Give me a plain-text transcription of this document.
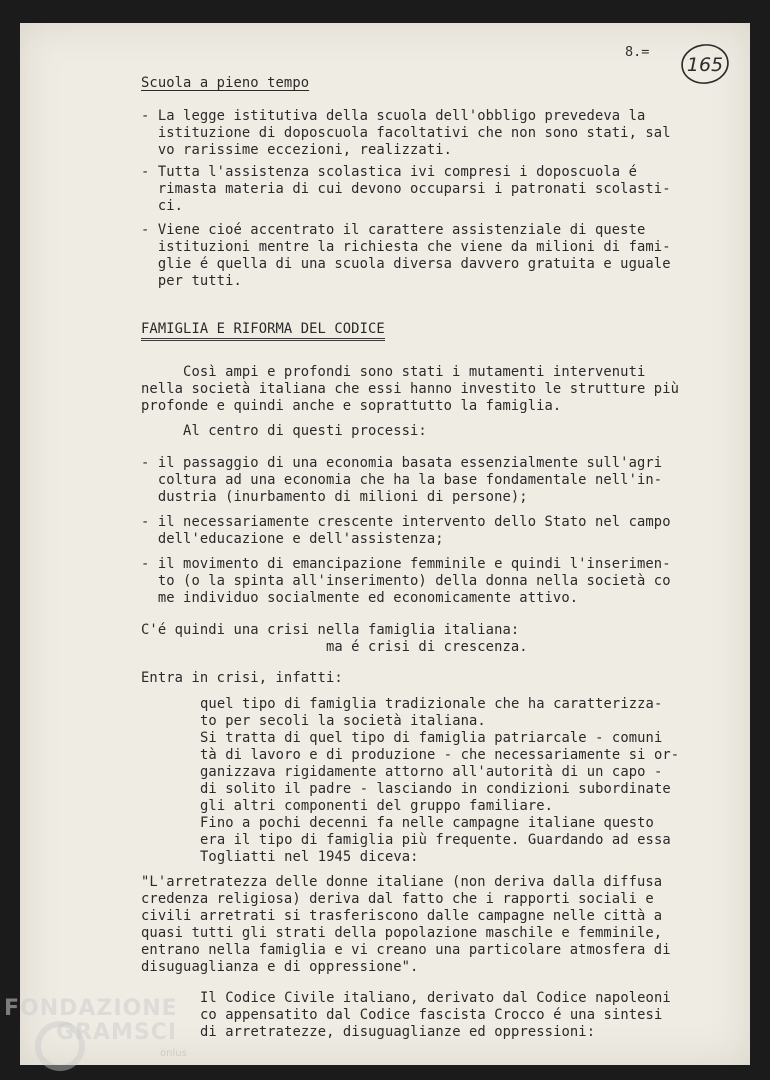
8.=
165
Scuola a pieno tempo
- La legge istitutiva della scuola dell'obbligo prevedeva la
istituzione di doposcuola facoltativi che non sono stati, sal
vo rarissime eccezioni, realizzati.
- Tutta l'assistenza scolastica ivi compresi i doposcuola é
rimasta materia di cui devono occuparsi i patronati scolasti-
ci.
- Viene cioé accentrato il carattere assistenziale di queste
istituzioni mentre la richiesta che viene da milioni di fami-
glie é quella di una scuola diversa davvero gratuita e uguale
per tutti.
FAMIGLIA E RIFORMA DEL CODICE
Così ampi e profondi sono stati i mutamenti intervenuti
nella società italiana che essi hanno investito le strutture più
profonde e quindi anche e soprattutto la famiglia.
Al centro di questi processi:
- il passaggio di una economia basata essenzialmente sull'agri
coltura ad una economia che ha la base fondamentale nell'in-
dustria (inurbamento di milioni di persone);
- il necessariamente crescente intervento dello Stato nel campo
dell'educazione e dell'assistenza;
- il movimento di emancipazione femminile e quindi l'inserimen-
to (o la spinta all'inserimento) della donna nella società co
me individuo socialmente ed economicamente attivo.
C'é quindi una crisi nella famiglia italiana:
ma é crisi di crescenza.
Entra in crisi, infatti:
quel tipo di famiglia tradizionale che ha caratterizza-
to per secoli la società italiana.
Si tratta di quel tipo di famiglia patriarcale - comuni
tà di lavoro e di produzione - che necessariamente si or-
ganizzava rigidamente attorno all'autorità di un capo -
di solito il padre - lasciando in condizioni subordinate
gli altri componenti del gruppo familiare.
Fino a pochi decenni fa nelle campagne italiane questo
era il tipo di famiglia più frequente. Guardando ad essa
Togliatti nel 1945 diceva:
"L'arretratezza delle donne italiane (non deriva dalla diffusa
credenza religiosa) deriva dal fatto che i rapporti sociali e
civili arretrati si trasferiscono dalle campagne nelle città a
quasi tutti gli strati della popolazione maschile e femminile,
entrano nella famiglia e vi creano una particolare atmosfera di
disuguaglianza e di oppressione".
Il Codice Civile italiano, derivato dal Codice napoleoni
co appensatito dal Codice fascista Crocco é una sintesi
di arretratezze, disuguaglianze ed oppressioni:
FONDAZIONE
GRAMSCI
onlus
